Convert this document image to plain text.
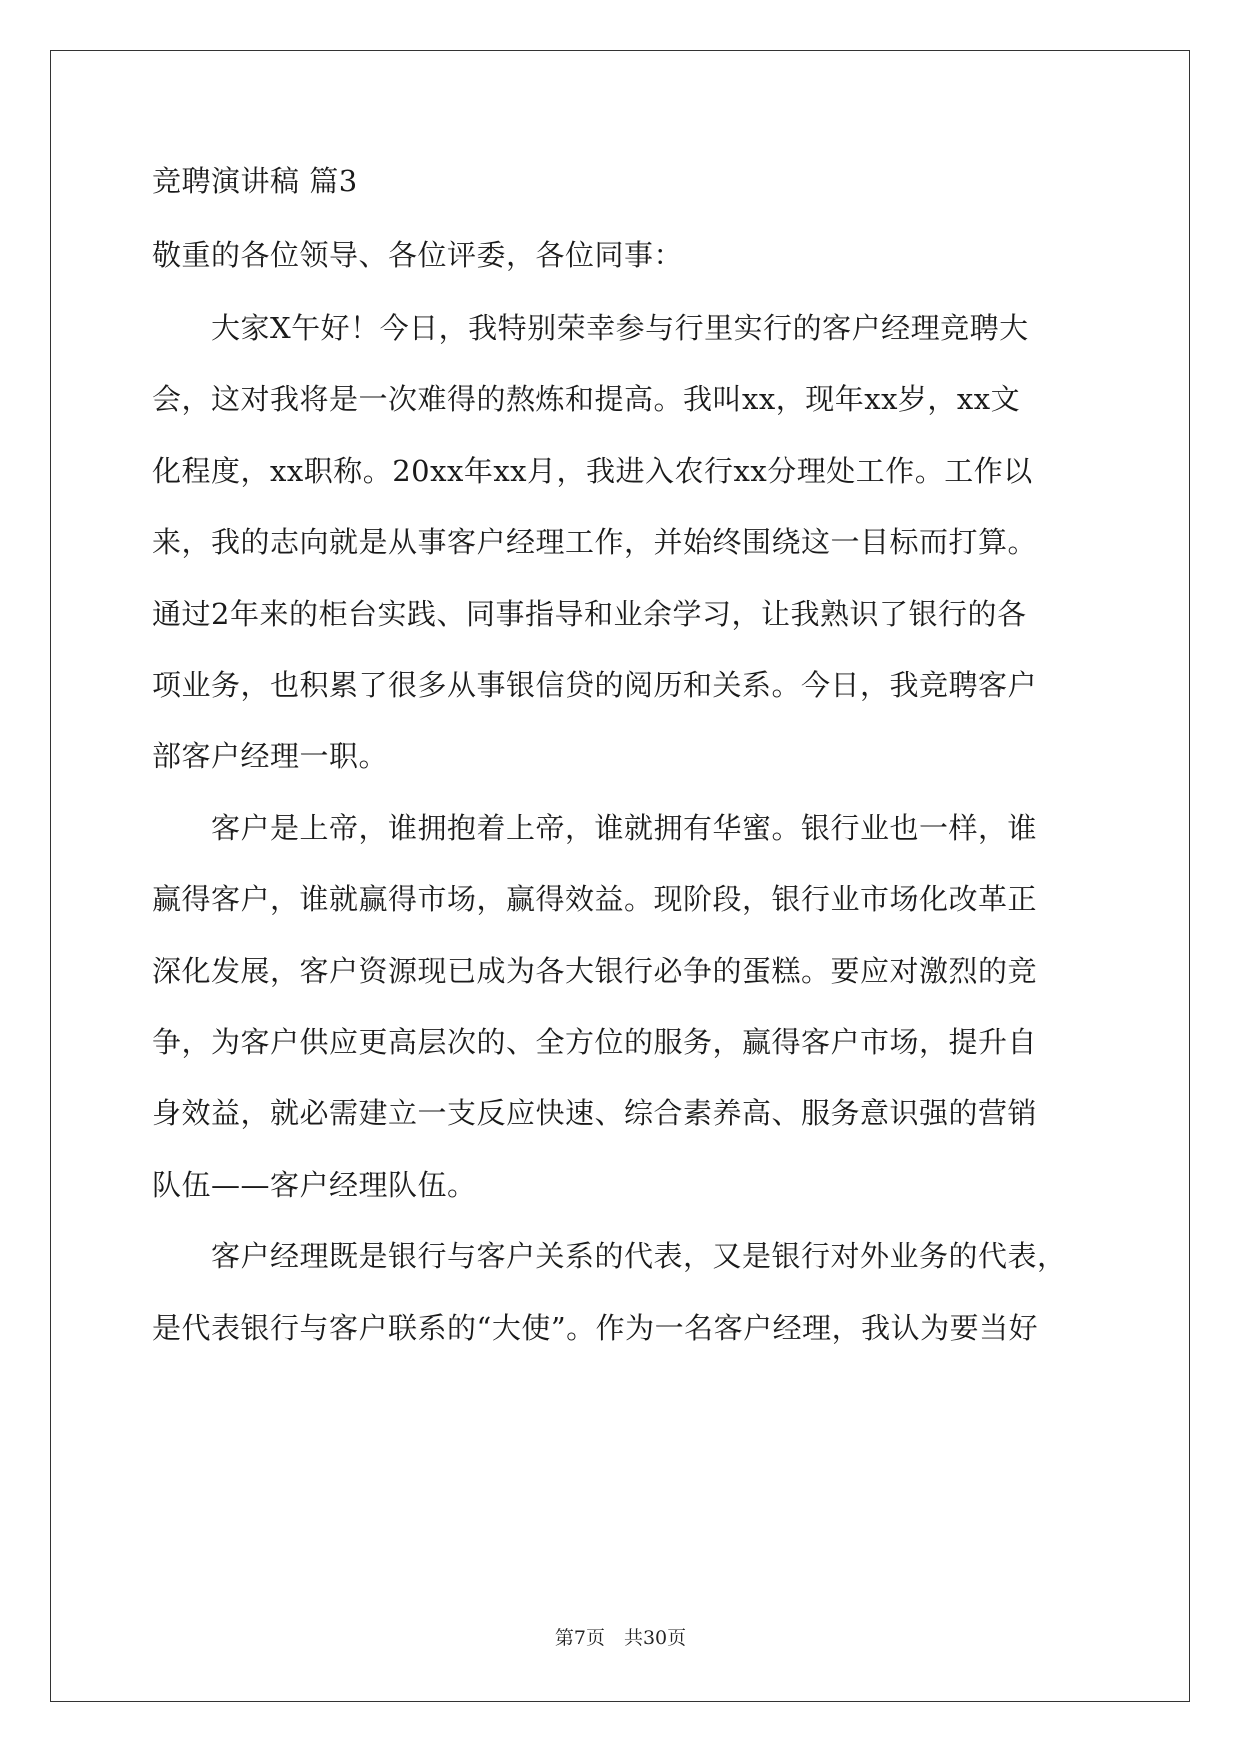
竞聘演讲稿 篇3
敬重的各位领导、各位评委，各位同事：
　　大家X午好！今日，我特别荣幸参与行里实行的客户经理竞聘大
会，这对我将是一次难得的熬炼和提高。我叫xx，现年xx岁，xx文
化程度，xx职称。20xx年xx月，我进入农行xx分理处工作。工作以
来，我的志向就是从事客户经理工作，并始终围绕这一目标而打算。
通过2年来的柜台实践、同事指导和业余学习，让我熟识了银行的各
项业务，也积累了很多从事银信贷的阅历和关系。今日，我竞聘客户
部客户经理一职。
　　客户是上帝，谁拥抱着上帝，谁就拥有华蜜。银行业也一样，谁
赢得客户，谁就赢得市场，赢得效益。现阶段，银行业市场化改革正
深化发展，客户资源现已成为各大银行必争的蛋糕。要应对激烈的竞
争，为客户供应更高层次的、全方位的服务，赢得客户市场，提升自
身效益，就必需建立一支反应快速、综合素养高、服务意识强的营销
队伍——客户经理队伍。
　　客户经理既是银行与客户关系的代表，又是银行对外业务的代表，
是代表银行与客户联系的“大使”。作为一名客户经理，我认为要当好
第7页　共30页
